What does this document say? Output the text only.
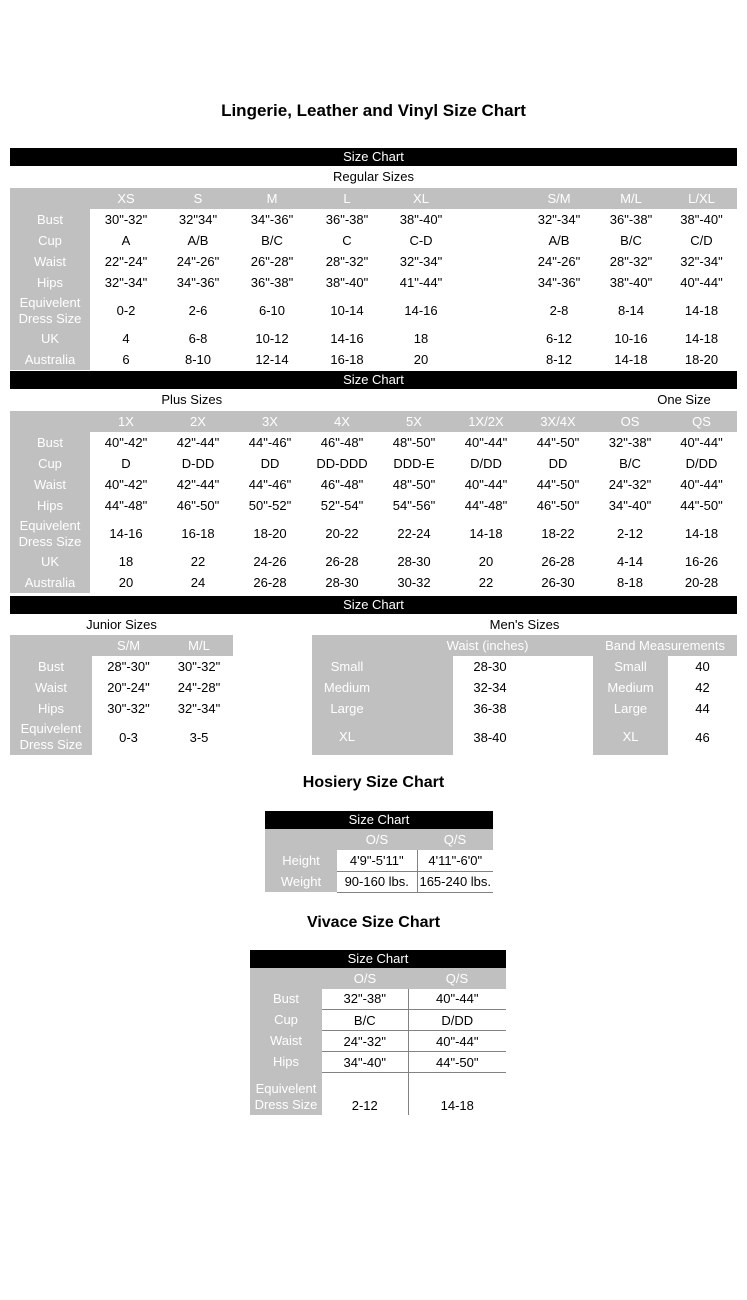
Lingerie, Leather and Vinyl Size Chart
Size Chart
Regular Sizes
	XS	S	M	L	XL		S/M	M/L	L/XL
Bust	30"-32"	32"34"	34"-36"	36"-38"	38"-40"		32"-34"	36"-38"	38"-40"
Cup	A	A/B	B/C	C	C-D		A/B	B/C	C/D
Waist	22"-24"	24"-26"	26"-28"	28"-32"	32"-34"		24"-26"	28"-32"	32"-34"
Hips	32"-34"	34"-36"	36"-38"	38"-40"	41"-44"		34"-36"	38"-40"	40"-44"
Equivelent Dress Size	0-2	2-6	6-10	10-14	14-16		2-8	8-14	14-18
UK	4	6-8	10-12	14-16	18		6-12	10-16	14-18
Australia	6	8-10	12-14	16-18	20		8-12	14-18	18-20
Size Chart
Plus Sizes	One Size
	1X	2X	3X	4X	5X	1X/2X	3X/4X	OS	QS
Bust	40"-42"	42"-44"	44"-46"	46"-48"	48"-50"	40"-44"	44"-50"	32"-38"	40"-44"
Cup	D	D-DD	DD	DD-DDD	DDD-E	D/DD	DD	B/C	D/DD
Waist	40"-42"	42"-44"	44"-46"	46"-48"	48"-50"	40"-44"	44"-50"	24"-32"	40"-44"
Hips	44"-48"	46"-50"	50"-52"	52"-54"	54"-56"	44"-48"	46"-50"	34"-40"	44"-50"
Equivelent Dress Size	14-16	16-18	18-20	20-22	22-24	14-18	18-22	2-12	14-18
UK	18	22	24-26	26-28	28-30	20	26-28	4-14	16-26
Australia	20	24	26-28	28-30	30-32	22	26-30	8-18	20-28
Size Chart
Junior Sizes
	S/M	M/L
Bust	28"-30"	30"-32"
Waist	20"-24"	24"-28"
Hips	30"-32"	32"-34"
Equivelent Dress Size	0-3	3-5
Men's Sizes
	Waist (inches)			Band Measurements	
Small		28-30		Small	40
Medium		32-34		Medium	42
Large		36-38		Large	44
XL		38-40		XL	46
Hosiery Size Chart
Size Chart
	O/S	Q/S
Height	4'9"-5'11"	4'11"-6'0"
Weight	90-160 lbs.	165-240 lbs.
Vivace Size Chart
Size Chart
	O/S	Q/S
Bust	32"-38"	40"-44"
Cup	B/C	D/DD
Waist	24"-32"	40"-44"
Hips	34"-40"	44"-50"
Equivelent Dress Size	2-12	14-18
